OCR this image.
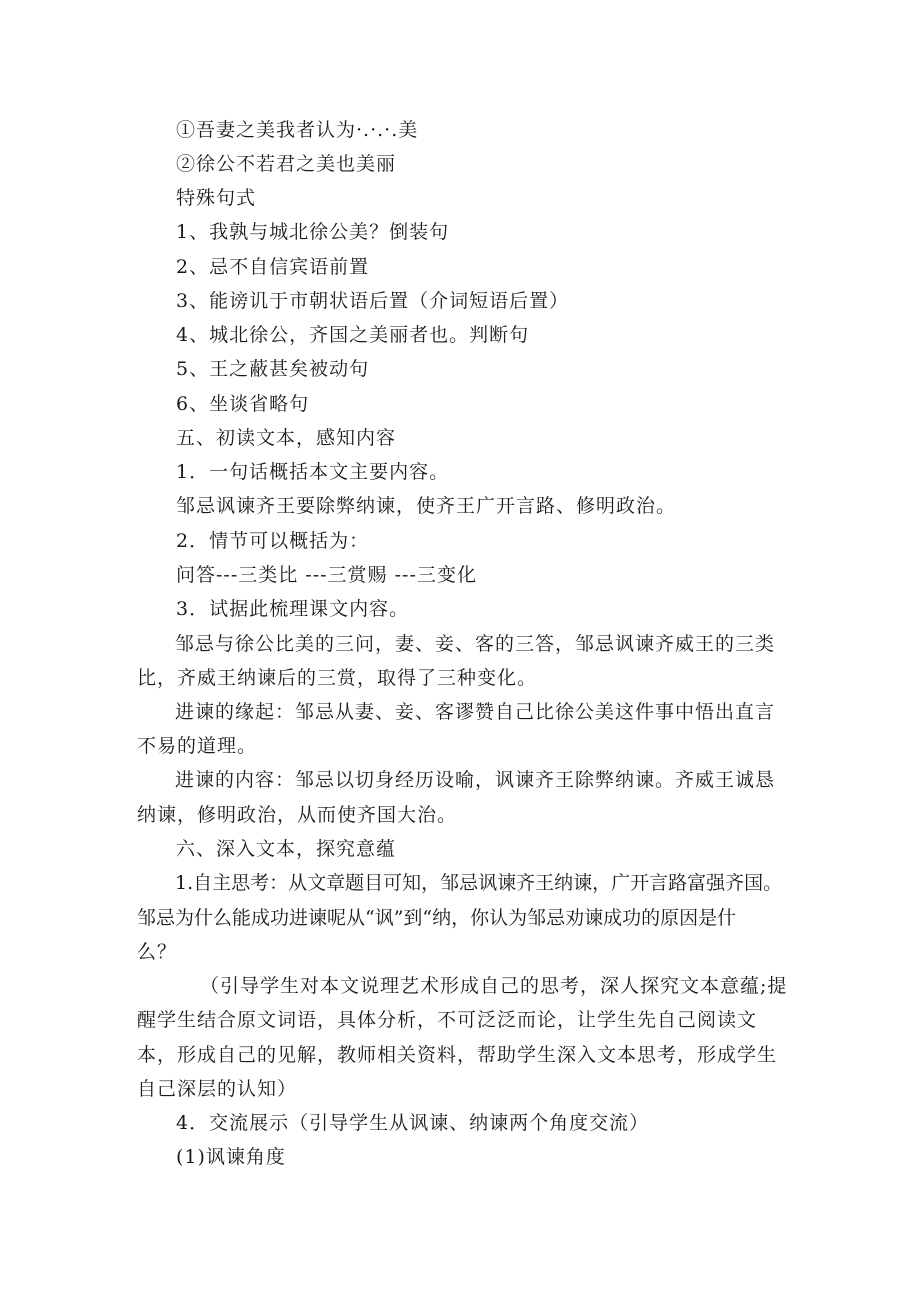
①吾妻之美我者认为·.·.·.美
②徐公不若君之美也美丽
特殊句式
1、我孰与城北徐公美？倒装句
2、忌不自信宾语前置
3、能谤讥于市朝状语后置（介词短语后置）
4、城北徐公，齐国之美丽者也。判断句
5、王之蔽甚矣被动句
6、坐谈省略句
五、初读文本，感知内容
1．一句话概括本文主要内容。
邹忌讽谏齐王要除弊纳谏，使齐王广开言路、修明政治。
2．情节可以概括为：
问答---三类比 ---三赏赐 ---三变化
3．试据此梳理课文内容。
邹忌与徐公比美的三问，妻、妾、客的三答，邹忌讽谏齐威王的三类
比，齐威王纳谏后的三赏，取得了三种变化。
进谏的缘起：邹忌从妻、妾、客谬赞自己比徐公美这件事中悟出直言
不易的道理。
进谏的内容：邹忌以切身经历设喻，讽谏齐王除弊纳谏。齐威王诚恳
纳谏，修明政治，从而使齐国大治。
六、深入文本，探究意蕴
1.自主思考：从文章题目可知，邹忌讽谏齐王纳谏，广开言路富强齐国。
邹忌为什么能成功进谏呢从“讽”到“纳，你认为邹忌劝谏成功的原因是什
么？
（引导学生对本文说理艺术形成自己的思考，深人探究文本意蕴;提
醒学生结合原文词语，具体分析，不可泛泛而论，让学生先自己阅读文
本，形成自己的见解，教师相关资料，帮助学生深入文本思考，形成学生
自己深层的认知）
4．交流展示（引导学生从讽谏、纳谏两个角度交流）
(1)讽谏角度
